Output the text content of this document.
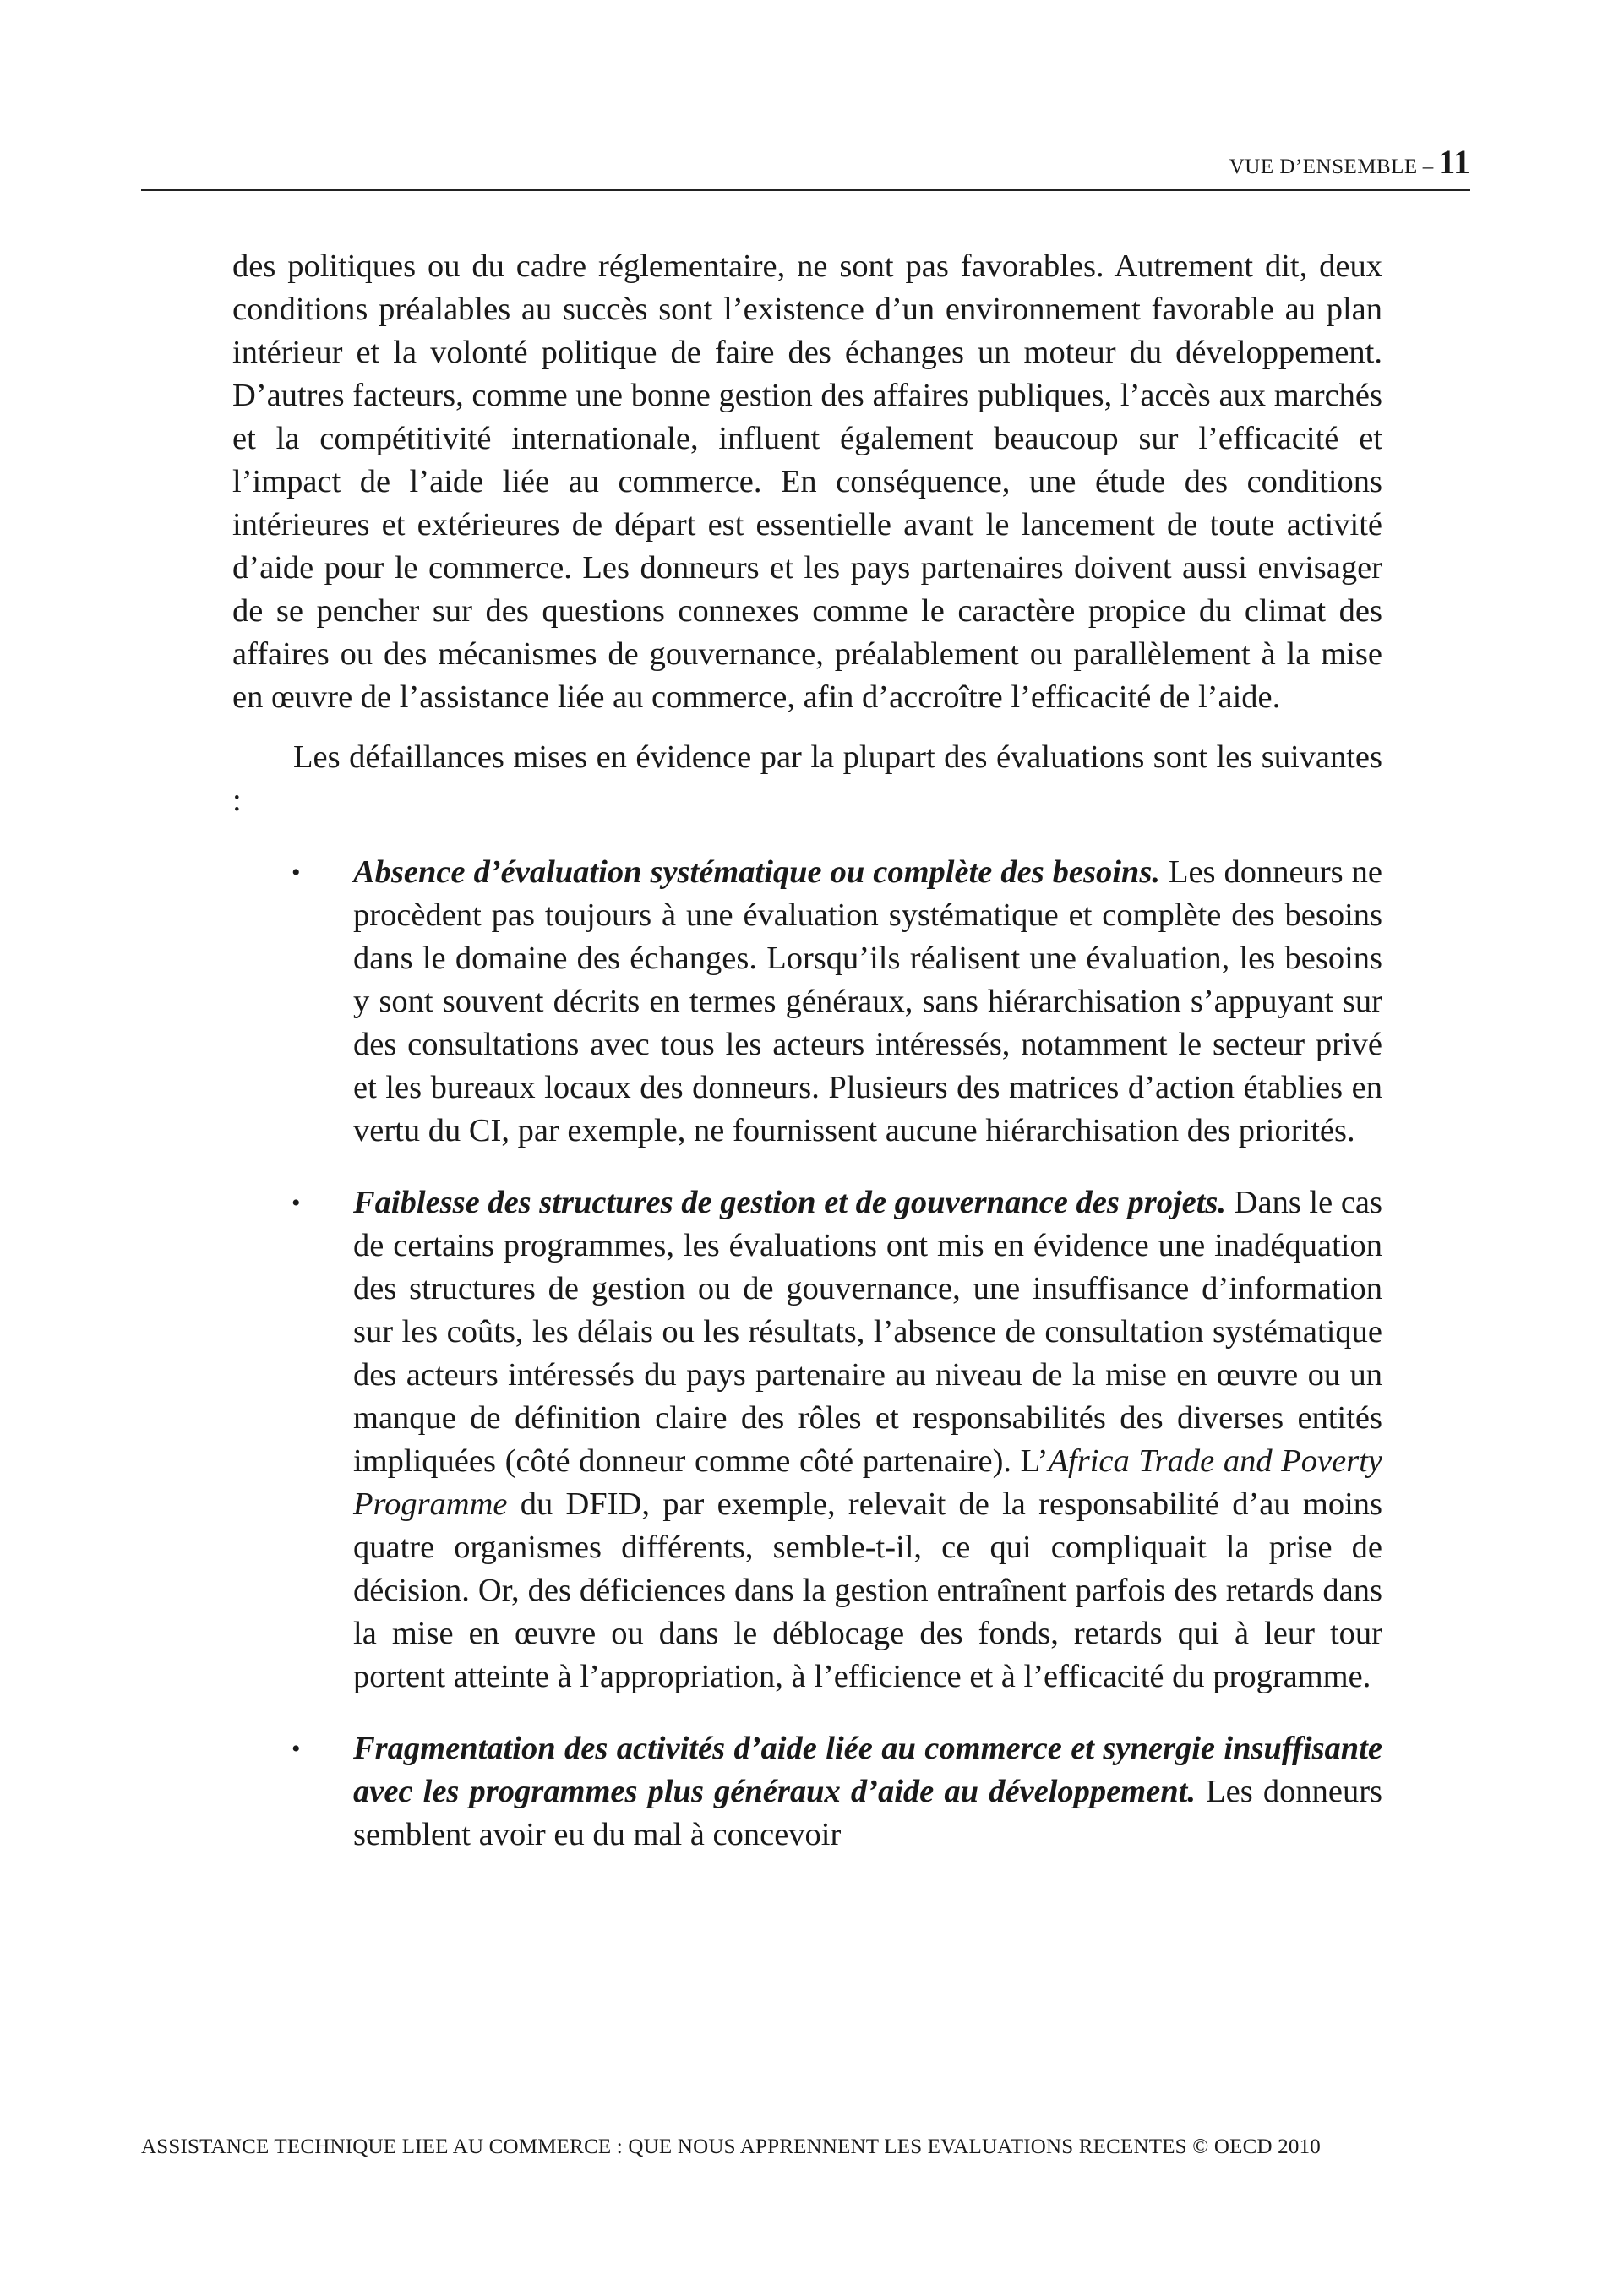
VUE D’ENSEMBLE – 11

des politiques ou du cadre réglementaire, ne sont pas favorables. Autrement dit, deux conditions préalables au succès sont l’existence d’un environnement favorable au plan intérieur et la volonté politique de faire des échanges un moteur du développement. D’autres facteurs, comme une bonne gestion des affaires publiques, l’accès aux marchés et la compétitivité internationale, influent également beaucoup sur l’efficacité et l’impact de l’aide liée au commerce. En conséquence, une étude des conditions intérieures et extérieures de départ est essentielle avant le lancement de toute activité d’aide pour le commerce. Les donneurs et les pays partenaires doivent aussi envisager de se pencher sur des questions connexes comme le caractère propice du climat des affaires ou des mécanismes de gouvernance, préalablement ou parallèlement à la mise en œuvre de l’assistance liée au commerce, afin d’accroître l’efficacité de l’aide.

Les défaillances mises en évidence par la plupart des évaluations sont les suivantes :

• Absence d’évaluation systématique ou complète des besoins. Les donneurs ne procèdent pas toujours à une évaluation systématique et complète des besoins dans le domaine des échanges. Lorsqu’ils réalisent une évaluation, les besoins y sont souvent décrits en termes généraux, sans hiérarchisation s’appuyant sur des consultations avec tous les acteurs intéressés, notamment le secteur privé et les bureaux locaux des donneurs. Plusieurs des matrices d’action établies en vertu du CI, par exemple, ne fournissent aucune hiérarchisation des priorités.
• Faiblesse des structures de gestion et de gouvernance des projets. Dans le cas de certains programmes, les évaluations ont mis en évidence une inadéquation des structures de gestion ou de gouvernance, une insuffisance d’information sur les coûts, les délais ou les résultats, l’absence de consultation systématique des acteurs intéressés du pays partenaire au niveau de la mise en œuvre ou un manque de définition claire des rôles et responsabilités des diverses entités impliquées (côté donneur comme côté partenaire). L’Africa Trade and Poverty Programme du DFID, par exemple, relevait de la responsabilité d’au moins quatre organismes différents, semble-t-il, ce qui compliquait la prise de décision. Or, des déficiences dans la gestion entraînent parfois des retards dans la mise en œuvre ou dans le déblocage des fonds, retards qui à leur tour portent atteinte à l’appropriation, à l’efficience et à l’efficacité du programme.
• Fragmentation des activités d’aide liée au commerce et synergie insuffisante avec les programmes plus généraux d’aide au développement. Les donneurs semblent avoir eu du mal à concevoir
ASSISTANCE TECHNIQUE LIEE AU COMMERCE : QUE NOUS APPRENNENT LES EVALUATIONS RECENTES © OECD 2010
